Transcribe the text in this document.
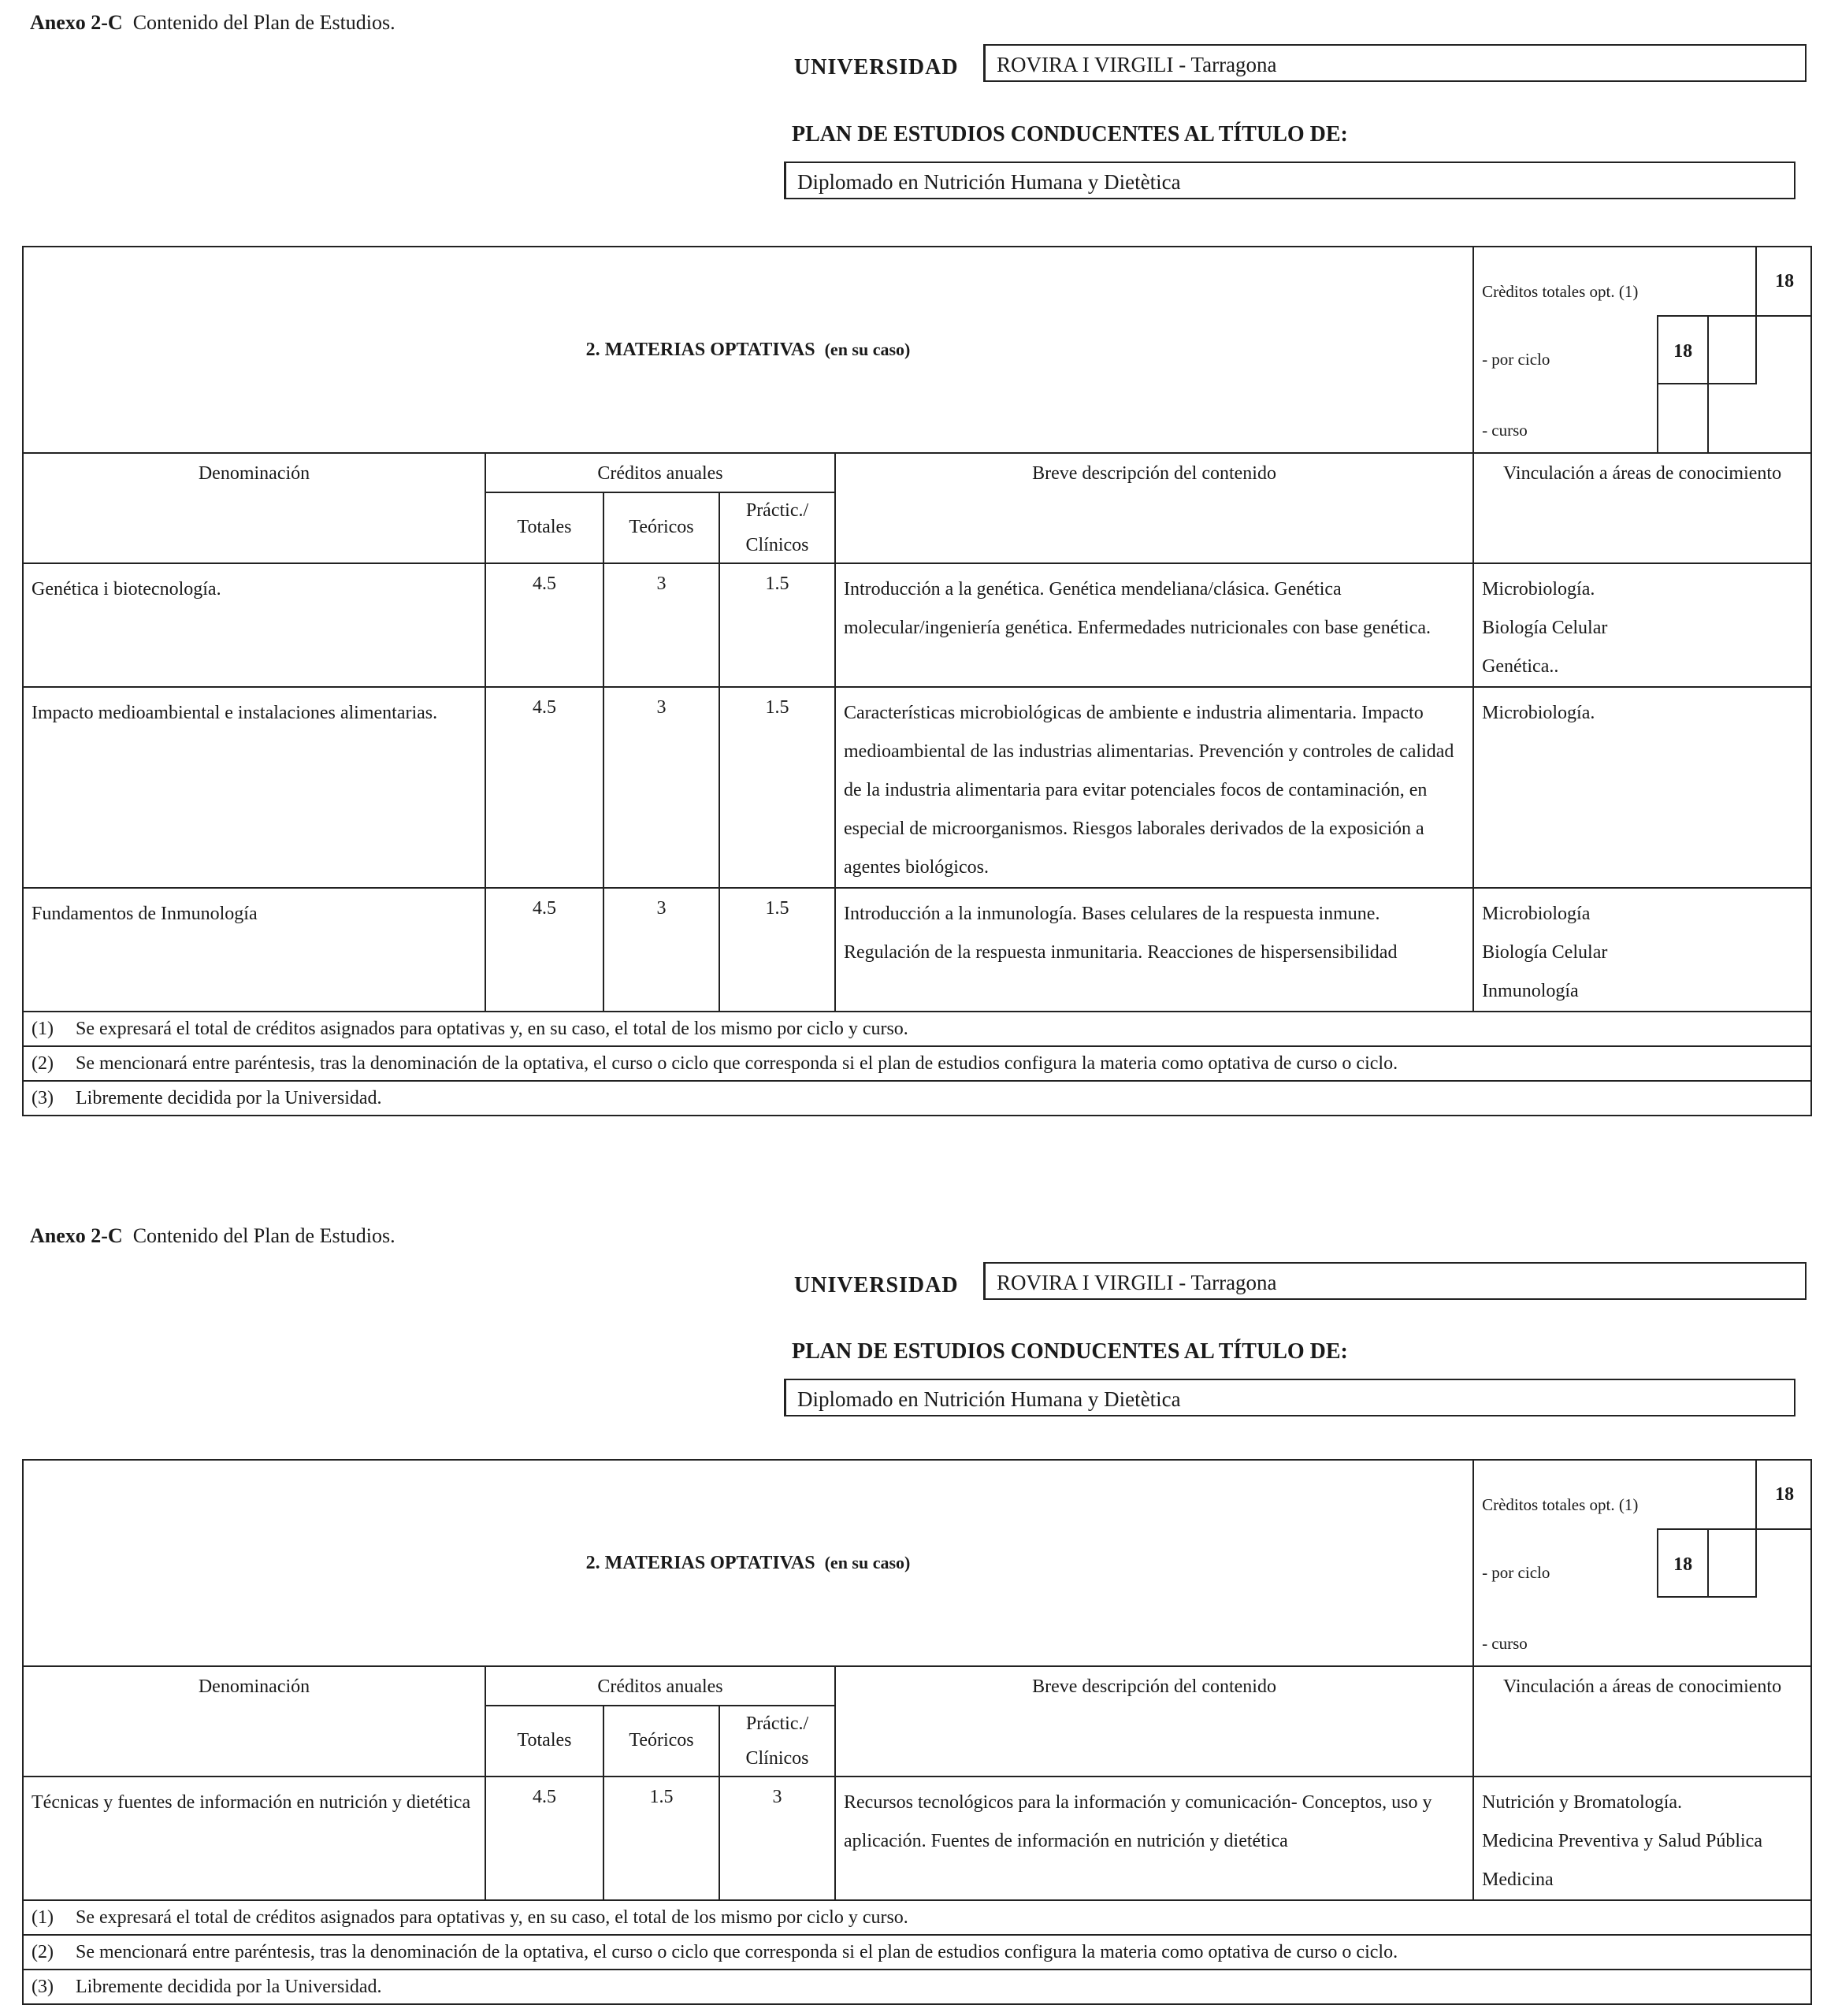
Anexo 2-C Contenido del Plan de Estudios.
UNIVERSIDAD	ROVIRA I VIRGILI - Tarragona
PLAN DE ESTUDIOS CONDUCENTES AL TÍTULO DE:
Diplomado en Nutrición Humana y Dietètica
2. MATERIAS OPTATIVAS (en su caso)					Crèditos totales opt. (1) 18
- por ciclo 18
- curso

Denominación	Créditos anuales			Breve descripción del contenido	Vinculación a áreas de conocimiento
	Totales	Teóricos	Práctic./
Clínicos		
Genética i biotecnología.	4.5	3	1.5	Introducción a la genética. Genética mendeliana/clásica. Genética molecular/ingeniería genética. Enfermedades nutricionales con base genética.	Microbiología.
Biología Celular
Genética..

Impacto medioambiental e instalaciones alimentarias.	4.5	3	1.5	Características microbiológicas de ambiente e industria alimentaria. Impacto medioambiental de las industrias alimentarias. Prevención y controles de calidad de la industria alimentaria para evitar potenciales focos de contaminación, en especial de microorganismos. Riesgos laborales derivados de la exposición a agentes biológicos.	Microbiología.

Fundamentos de Inmunología	4.5	3	1.5	Introducción a la inmunología. Bases celulares de la respuesta inmune. Regulación de la respuesta inmunitaria. Reacciones de hispersensibilidad	Microbiología
Biología Celular
Inmunología

(1) Se expresará el total de créditos asignados para optativas y, en su caso, el total de los mismo por ciclo y curso.
(2) Se mencionará entre paréntesis, tras la denominación de la optativa, el curso o ciclo que corresponda si el plan de estudios configura la materia como optativa de curso o ciclo.
(3) Libremente decidida por la Universidad.					
Anexo 2-C Contenido del Plan de Estudios.
UNIVERSIDAD	ROVIRA I VIRGILI - Tarragona
PLAN DE ESTUDIOS CONDUCENTES AL TÍTULO DE:
Diplomado en Nutrición Humana y Dietètica
2. MATERIAS OPTATIVAS (en su caso)					Crèditos totales opt. (1) 18
- por ciclo 18
- curso

Denominación	Créditos anuales			Breve descripción del contenido	Vinculación a áreas de conocimiento
	Totales	Teóricos	Práctic./
Clínicos		
Técnicas y fuentes de información en nutrición y dietética	4.5	1.5	3	Recursos tecnológicos para la información y comunicación- Conceptos, uso y aplicación. Fuentes de información en nutrición y dietética	Nutrición y Bromatología.
Medicina Preventiva y Salud Pública
Medicina

(1) Se expresará el total de créditos asignados para optativas y, en su caso, el total de los mismo por ciclo y curso.
(2) Se mencionará entre paréntesis, tras la denominación de la optativa, el curso o ciclo que corresponda si el plan de estudios configura la materia como optativa de curso o ciclo.
(3) Libremente decidida por la Universidad.					
